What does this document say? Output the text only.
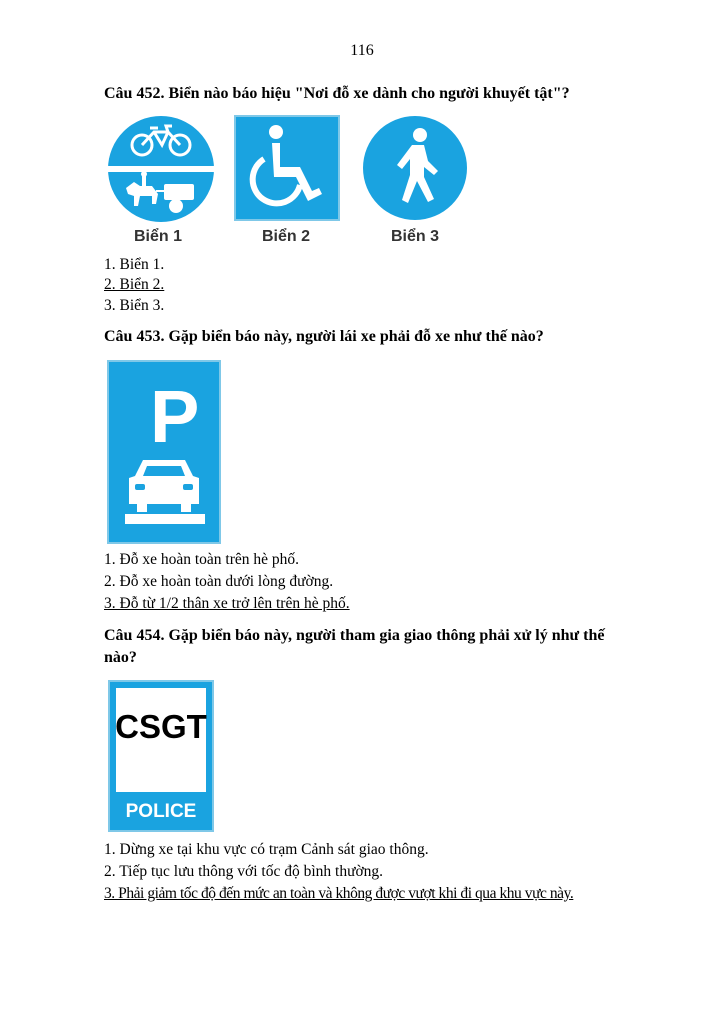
116
Câu 452. Biển nào báo hiệu "Nơi đỗ xe dành cho người khuyết tật"?
Biển 1	Biển 2	Biển 3
1. Biển 1.
2. Biển 2.
3. Biển 3.
Câu 453. Gặp biển báo này, người lái xe phải đỗ xe như thế nào?
P
1. Đỗ xe hoàn toàn trên hè phố.
2. Đỗ xe hoàn toàn dưới lòng đường.
3. Đỗ từ 1/2 thân xe trở lên trên hè phố.
Câu 454. Gặp biển báo này, người tham gia giao thông phải xử lý như thế
nào?
CSGT
POLICE
1. Dừng xe tại khu vực có trạm Cảnh sát giao thông.
2. Tiếp tục lưu thông với tốc độ bình thường.
3. Phải giảm tốc độ đến mức an toàn và không được vượt khi đi qua khu vực này.
